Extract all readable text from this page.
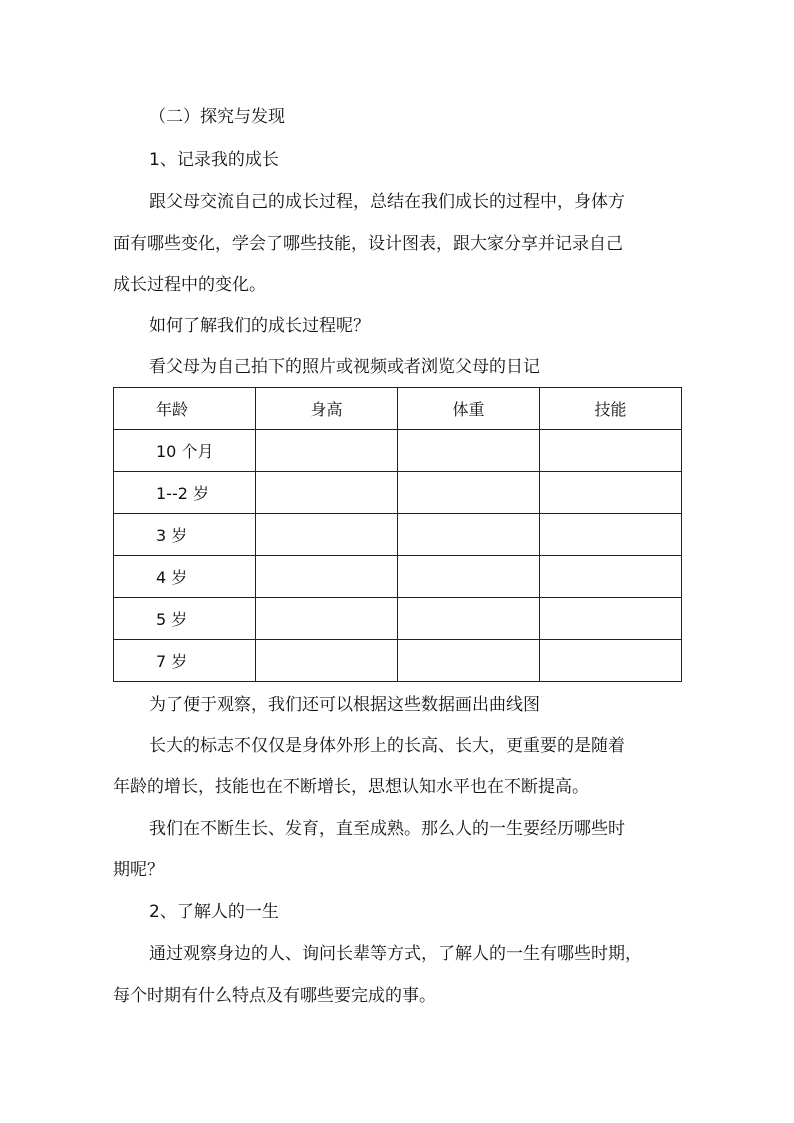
（二）探究与发现
1、记录我的成长
跟父母交流自己的成长过程，总结在我们成长的过程中，身体方
面有哪些变化，学会了哪些技能，设计图表，跟大家分享并记录自己
成长过程中的变化。
如何了解我们的成长过程呢？
看父母为自己拍下的照片或视频或者浏览父母的日记
年龄	身高	体重	技能
10 个月			
1--2 岁			
3 岁			
4 岁			
5 岁			
7 岁			
为了便于观察，我们还可以根据这些数据画出曲线图
长大的标志不仅仅是身体外形上的长高、长大，更重要的是随着
年龄的增长，技能也在不断增长，思想认知水平也在不断提高。
我们在不断生长、发育，直至成熟。那么人的一生要经历哪些时
期呢？
2、了解人的一生
通过观察身边的人、询问长辈等方式，了解人的一生有哪些时期，
每个时期有什么特点及有哪些要完成的事。
